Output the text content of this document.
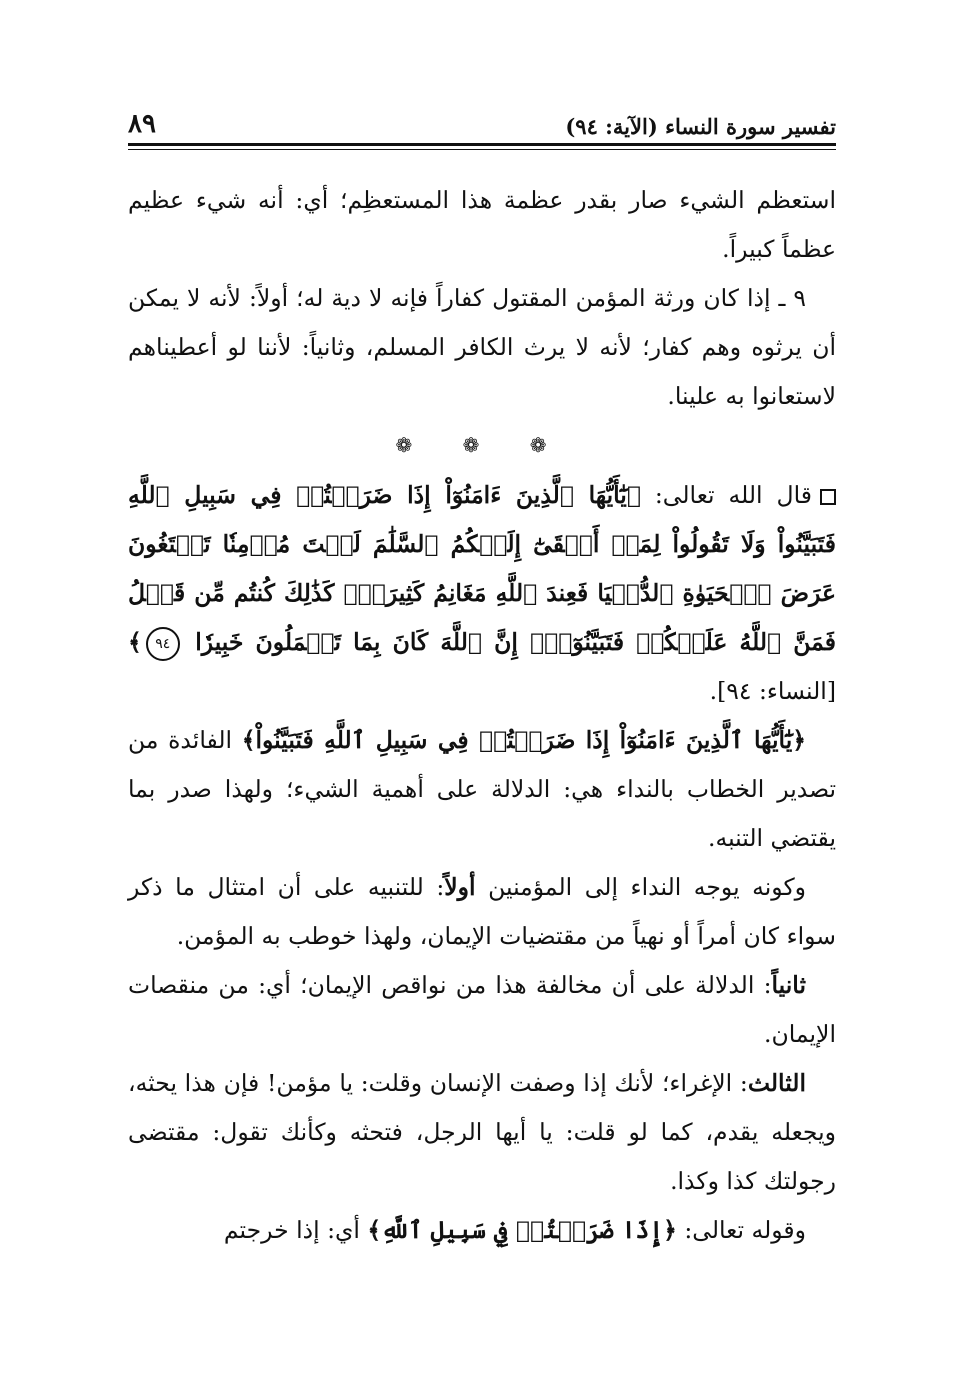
تفسير سورة النساء (الآية: ٩٤)
٨٩

استعظم الشيء صار بقدر عظمة هذا المستعظِم؛ أي: أنه شيء عظيم عظماً كبيراً.

٩ ـ إذا كان ورثة المؤمن المقتول كفاراً فإنه لا دية له؛ أولاً: لأنه لا يمكن أن يرثوه وهم كفار؛ لأنه لا يرث الكافر المسلم، وثانياً: لأننا لو أعطيناهم لاستعانوا به علينا.

❁ ❁ ❁

قال الله تعالى: ﴿يَٰٓأَيُّهَا ٱلَّذِينَ ءَامَنُوٓاْ إِذَا ضَرَبۡتُمۡ فِي سَبِيلِ ٱللَّهِ فَتَبَيَّنُواْ وَلَا تَقُولُواْ لِمَنۡ أَلۡقَىٰٓ إِلَيۡكُمُ ٱلسَّلَٰمَ لَسۡتَ مُؤۡمِنٗا تَبۡتَغُونَ عَرَضَ ٱلۡحَيَوٰةِ ٱلدُّنۡيَا فَعِندَ ٱللَّهِ مَغَانِمُ كَثِيرَةٞۚ كَذَٰلِكَ كُنتُم مِّن قَبۡلُ فَمَنَّ ٱللَّهُ عَلَيۡكُمۡ فَتَبَيَّنُوٓاْۚ إِنَّ ٱللَّهَ كَانَ بِمَا تَعۡمَلُونَ خَبِيرٗا ٩٤﴾ [النساء: ٩٤].

﴿يَٰٓأَيُّهَا ٱلَّذِينَ ءَامَنُوٓاْ إِذَا ضَرَبۡتُمۡ فِي سَبِيلِ ٱللَّهِ فَتَبَيَّنُواْ﴾ الفائدة من تصدير الخطاب بالنداء هي: الدلالة على أهمية الشيء؛ ولهذا صدر بما يقتضي التنبه.

وكونه يوجه النداء إلى المؤمنين أولاً: للتنبيه على أن امتثال ما ذكر سواء كان أمراً أو نهياً من مقتضيات الإيمان، ولهذا خوطب به المؤمن.

ثانياً: الدلالة على أن مخالفة هذا من نواقص الإيمان؛ أي: من منقصات الإيمان.

الثالث: الإغراء؛ لأنك إذا وصفت الإنسان وقلت: يا مؤمن! فإن هذا يحثه، ويجعله يقدم، كما لو قلت: يا أيها الرجل، فتحثه وكأنك تقول: مقتضى رجولتك كذا وكذا.

وقوله تعالى: ﴿إِذَا ضَرَبۡتُمۡ فِي سَبِيلِ ٱللَّهِ﴾ أي: إذا خرجتم
